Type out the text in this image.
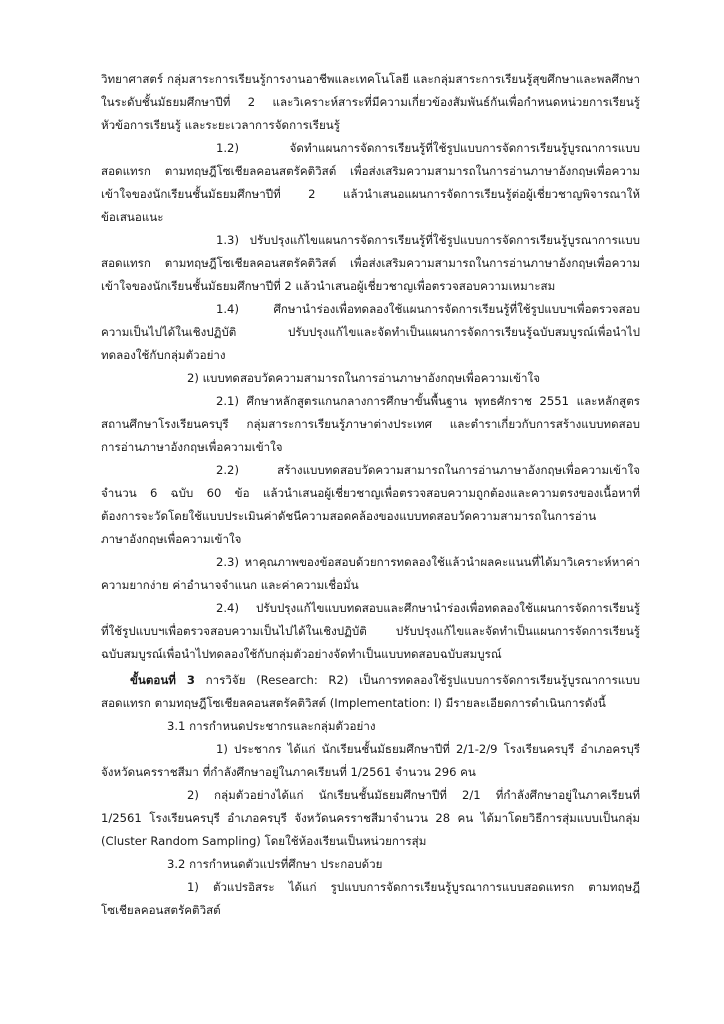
วิทยาศาสตร์ กลุ่มสาระการเรียนรู้การงานอาชีพและเทคโนโลยี และกลุ่มสาระการเรียนรู้สุขศึกษาและพลศึกษา
ในระดับชั้นมัธยมศึกษาปีที่ 2 และวิเคราะห์สาระที่มีความเกี่ยวข้องสัมพันธ์กันเพื่อกำหนดหน่วยการเรียนรู้
หัวข้อการเรียนรู้ และระยะเวลาการจัดการเรียนรู้
1.2) จัดทำแผนการจัดการเรียนรู้ที่ใช้รูปแบบการจัดการเรียนรู้บูรณาการแบบ
สอดแทรก ตามทฤษฎีโซเชียลคอนสตรัคติวิสต์ เพื่อส่งเสริมความสามารถในการอ่านภาษาอังกฤษเพื่อความ
เข้าใจของนักเรียนชั้นมัธยมศึกษาปีที่ 2 แล้วนำเสนอแผนการจัดการเรียนรู้ต่อผู้เชี่ยวชาญพิจารณาให้
ข้อเสนอแนะ
1.3) ปรับปรุงแก้ไขแผนการจัดการเรียนรู้ที่ใช้รูปแบบการจัดการเรียนรู้บูรณาการแบบ
สอดแทรก ตามทฤษฎีโซเชียลคอนสตรัคติวิสต์ เพื่อส่งเสริมความสามารถในการอ่านภาษาอังกฤษเพื่อความ
เข้าใจของนักเรียนชั้นมัธยมศึกษาปีที่ 2 แล้วนำเสนอผู้เชี่ยวชาญเพื่อตรวจสอบความเหมาะสม
1.4) ศึกษานำร่องเพื่อทดลองใช้แผนการจัดการเรียนรู้ที่ใช้รูปแบบฯเพื่อตรวจสอบ
ความเป็นไปได้ในเชิงปฏิบัติ ปรับปรุงแก้ไขและจัดทำเป็นแผนการจัดการเรียนรู้ฉบับสมบูรณ์เพื่อนำไป
ทดลองใช้กับกลุ่มตัวอย่าง
2) แบบทดสอบวัดความสามารถในการอ่านภาษาอังกฤษเพื่อความเข้าใจ
2.1) ศึกษาหลักสูตรแกนกลางการศึกษาขั้นพื้นฐาน พุทธศักราช 2551 และหลักสูตร
สถานศึกษาโรงเรียนครบุรี กลุ่มสาระการเรียนรู้ภาษาต่างประเทศ และตำราเกี่ยวกับการสร้างแบบทดสอบ
การอ่านภาษาอังกฤษเพื่อความเข้าใจ
2.2) สร้างแบบทดสอบวัดความสามารถในการอ่านภาษาอังกฤษเพื่อความเข้าใจ
จำนวน 6 ฉบับ 60 ข้อ แล้วนำเสนอผู้เชี่ยวชาญเพื่อตรวจสอบความถูกต้องและความตรงของเนื้อหาที่
ต้องการจะวัดโดยใช้แบบประเมินค่าดัชนีความสอดคล้องของแบบทดสอบวัดความสามารถในการอ่าน
ภาษาอังกฤษเพื่อความเข้าใจ
2.3) หาคุณภาพของข้อสอบด้วยการทดลองใช้แล้วนำผลคะแนนที่ได้มาวิเคราะห์หาค่า
ความยากง่าย ค่าอำนาจจำแนก และค่าความเชื่อมั่น
2.4) ปรับปรุงแก้ไขแบบทดสอบและศึกษานำร่องเพื่อทดลองใช้แผนการจัดการเรียนรู้
ที่ใช้รูปแบบฯเพื่อตรวจสอบความเป็นไปได้ในเชิงปฏิบัติ ปรับปรุงแก้ไขและจัดทำเป็นแผนการจัดการเรียนรู้
ฉบับสมบูรณ์เพื่อนำไปทดลองใช้กับกลุ่มตัวอย่างจัดทำเป็นแบบทดสอบฉบับสมบูรณ์
ขั้นตอนที่ 3 การวิจัย (Research: R2) เป็นการทดลองใช้รูปแบบการจัดการเรียนรู้บูรณาการแบบ
สอดแทรก ตามทฤษฎีโซเชียลคอนสตรัคติวิสต์ (Implementation: I) มีรายละเอียดการดำเนินการดังนี้
3.1 การกำหนดประชากรและกลุ่มตัวอย่าง
1) ประชากร ได้แก่ นักเรียนชั้นมัธยมศึกษาปีที่ 2/1-2/9 โรงเรียนครบุรี อำเภอครบุรี
จังหวัดนครราชสีมา ที่กำลังศึกษาอยู่ในภาคเรียนที่ 1/2561 จำนวน 296 คน
2) กลุ่มตัวอย่างได้แก่ นักเรียนชั้นมัธยมศึกษาปีที่ 2/1 ที่กำลังศึกษาอยู่ในภาคเรียนที่
1/2561 โรงเรียนครบุรี อำเภอครบุรี จังหวัดนครราชสีมาจำนวน 28 คน ได้มาโดยวิธีการสุ่มแบบเป็นกลุ่ม
(Cluster Random Sampling) โดยใช้ห้องเรียนเป็นหน่วยการสุ่ม
3.2 การกำหนดตัวแปรที่ศึกษา ประกอบด้วย
1) ตัวแปรอิสระ ได้แก่ รูปแบบการจัดการเรียนรู้บูรณาการแบบสอดแทรก ตามทฤษฎี
โซเชียลคอนสตรัคติวิสต์
